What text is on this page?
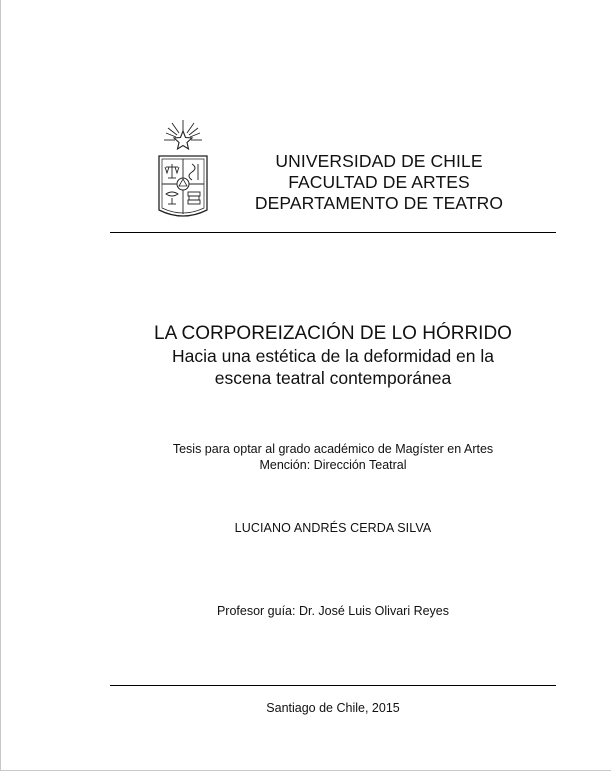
UNIVERSIDAD DE CHILE
FACULTAD DE ARTES
DEPARTAMENTO DE TEATRO
LA CORPOREIZACIÓN DE LO HÓRRIDO
Hacia una estética de la deformidad en la
escena teatral contemporánea
Tesis para optar al grado académico de Magíster en Artes
Mención: Dirección Teatral
LUCIANO ANDRÉS CERDA SILVA
Profesor guía: Dr. José Luis Olivari Reyes
Santiago de Chile, 2015
